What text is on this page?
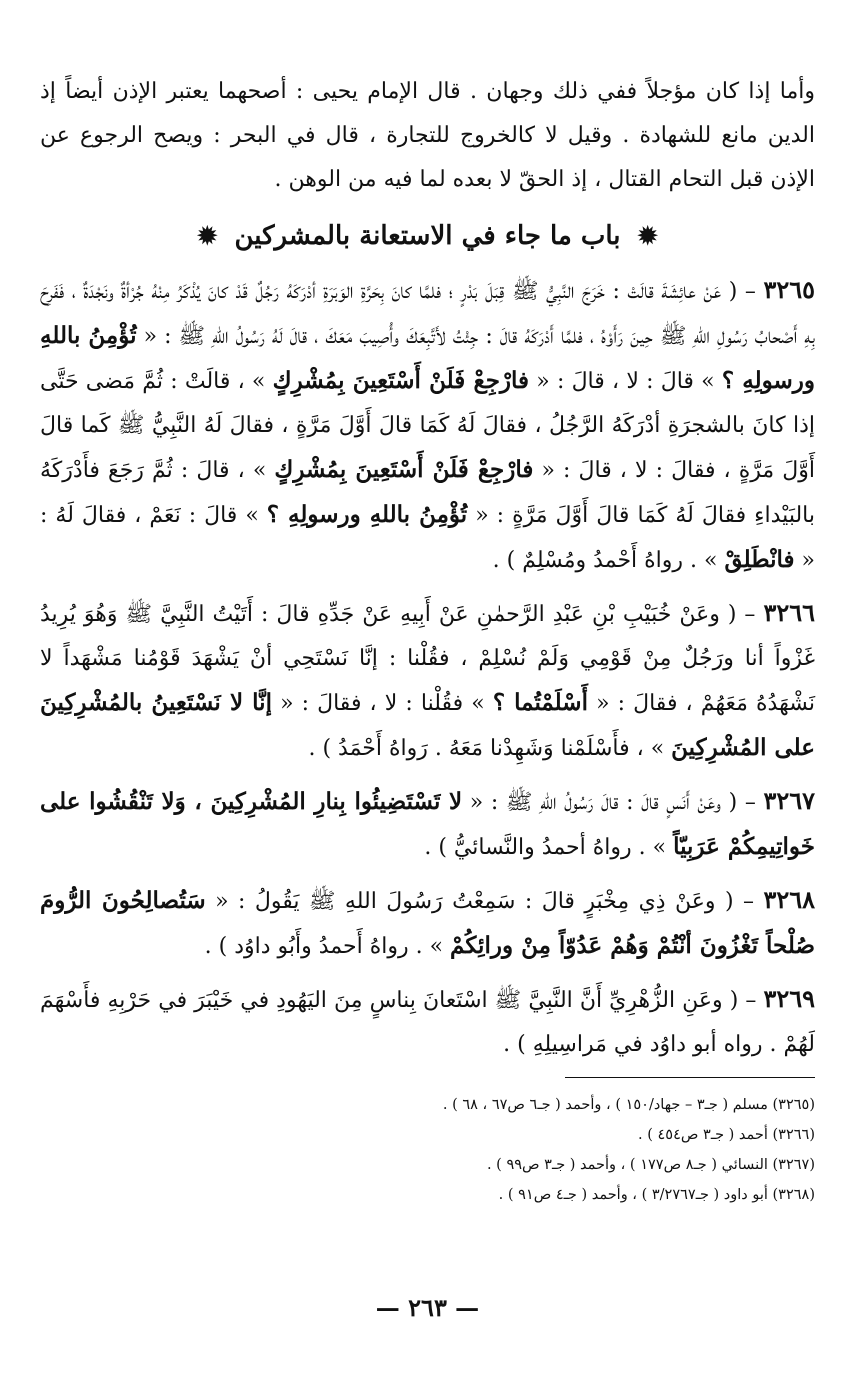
وأما إذا كان مؤجلاً ففي ذلك وجهان . قال الإمام يحيى : أصحهما يعتبر الإذن أيضاً إذ الدين مانع للشهادة . وقيل لا كالخروج للتجارة ، قال في البحر : ويصح الرجوع عن الإذن قبل التحام القتال ، إذ الحقّ لا بعده لما فيه من الوهن .

✹ باب ما جاء في الاستعانة بالمشركين ✹

٣٢٦٥ – ( عَنْ عائِشَةَ قالَتْ : خَرَجَ النَّبِيُّ ﷺ قِبَلَ بَدْرٍ ؛ فلمَّا كانَ بِحَرَّةِ الوَبَرَةِ أدْرَكَهُ رَجُلٌ قَدْ كانَ يُذْكَرُ مِنْهُ جُرْأةٌ ونَجْدَةٌ ، فَفَرِحَ بِهِ أَصْحابُ رَسُولِ اللهِ ﷺ حِينَ رَأَوْهُ ، فلمَّا أَدْرَكَهُ قالَ : جِئْتُ لأَتَّبِعَكَ وأُصِيبَ مَعَكَ ، قالَ لَهُ رَسُولُ اللهِ ﷺ : « تُؤْمِنُ باللهِ ورسولِهِ ؟ » قالَ : لا ، قالَ : « فارْجِعْ فَلَنْ أَسْتَعِينَ بِمُشْرِكٍ » ، قالَتْ : ثُمَّ مَضى حَتَّى إذا كانَ بالشجرَةِ أدْرَكَهُ الرَّجُلُ ، فقالَ لَهُ كَمَا قالَ أَوَّلَ مَرَّةٍ ، فقالَ لَهُ النَّبِيُّ ﷺ كَما قالَ أَوَّلَ مَرَّةٍ ، فقالَ : لا ، قالَ : « فارْجِعْ فَلَنْ أَسْتَعِينَ بِمُشْرِكٍ » ، قالَ : ثُمَّ رَجَعَ فأَدْرَكَهُ بالبَيْداءِ فقالَ لَهُ كَمَا قالَ أَوَّلَ مَرَّةٍ : « تُؤْمِنُ باللهِ ورسولِهِ ؟ » قالَ : نَعَمْ ، فقالَ لَهُ : « فانْطَلِقْ » . رواهُ أَحْمدُ ومُسْلِمٌ ) .

٣٢٦٦ – ( وعَنْ خُبَيْبِ بْنِ عَبْدِ الرَّحمٰنِ عَنْ أَبِيهِ عَنْ جَدِّهِ قالَ : أَتَيْتُ النَّبِيَّ ﷺ وَهُوَ يُرِيدُ غَزْواً أنا ورَجُلٌ مِنْ قَوْمِي وَلَمْ نُسْلِمْ ، فقُلْنا : إنَّا نَسْتَحِي أنْ يَشْهَدَ قَوْمُنا مَشْهَداً لا نَشْهَدُهُ مَعَهُمْ ، فقالَ : « أَسْلَمْتُما ؟ » فقُلْنا : لا ، فقالَ : « إنَّا لا نَسْتَعِينُ بالمُشْرِكِينَ على المُشْرِكِينَ » ، فأَسْلَمْنا وَشَهِدْنا مَعَهُ . رَواهُ أَحْمَدُ ) .

٣٢٦٧ – ( وعَنْ أَنَسٍ قالَ : قالَ رَسُولُ اللهِ ﷺ : « لا تَسْتَضِيئُوا بِنارِ المُشْرِكِينَ ، وَلا تَنْقُشُوا على خَواتِيمِكُمْ عَرَبِيّاً » . رواهُ أحمدُ والنَّسائيُّ ) .

٣٢٦٨ – ( وعَنْ ذِي مِخْبَرٍ قالَ : سَمِعْتُ رَسُولَ اللهِ ﷺ يَقُولُ : « سَتُصالِحُونَ الرُّومَ صُلْحاً تَغْزُونَ أنْتُمْ وَهُمْ عَدُوّاً مِنْ ورائِكُمْ » . رواهُ أَحمدُ وأَبُو داوُد ) .

٣٢٦٩ – ( وعَنِ الزُّهْرِيِّ أَنَّ النَّبِيَّ ﷺ اسْتَعانَ بِناسٍ مِنَ اليَهُودِ في خَيْبَرَ في حَرْبِهِ فأَسْهَمَ لَهُمْ . رواه أبو داوُد في مَراسِيلِهِ ) .

(٣٢٦٥) مسلم ( جـ٣ – جهاد/١٥٠ ) ، وأحمد ( جـ٦ ص٦٧ ، ٦٨ ) .

(٣٢٦٦) أحمد ( جـ٣ ص٤٥٤ ) .

(٣٢٦٧) النسائي ( جـ٨ ص١٧٧ ) ، وأحمد ( جـ٣ ص٩٩ ) .

(٣٢٦٨) أبو داود ( جـ٣/٢٧٦٧ ) ، وأحمد ( جـ٤ ص٩١ ) .

— ٢٦٣ —
